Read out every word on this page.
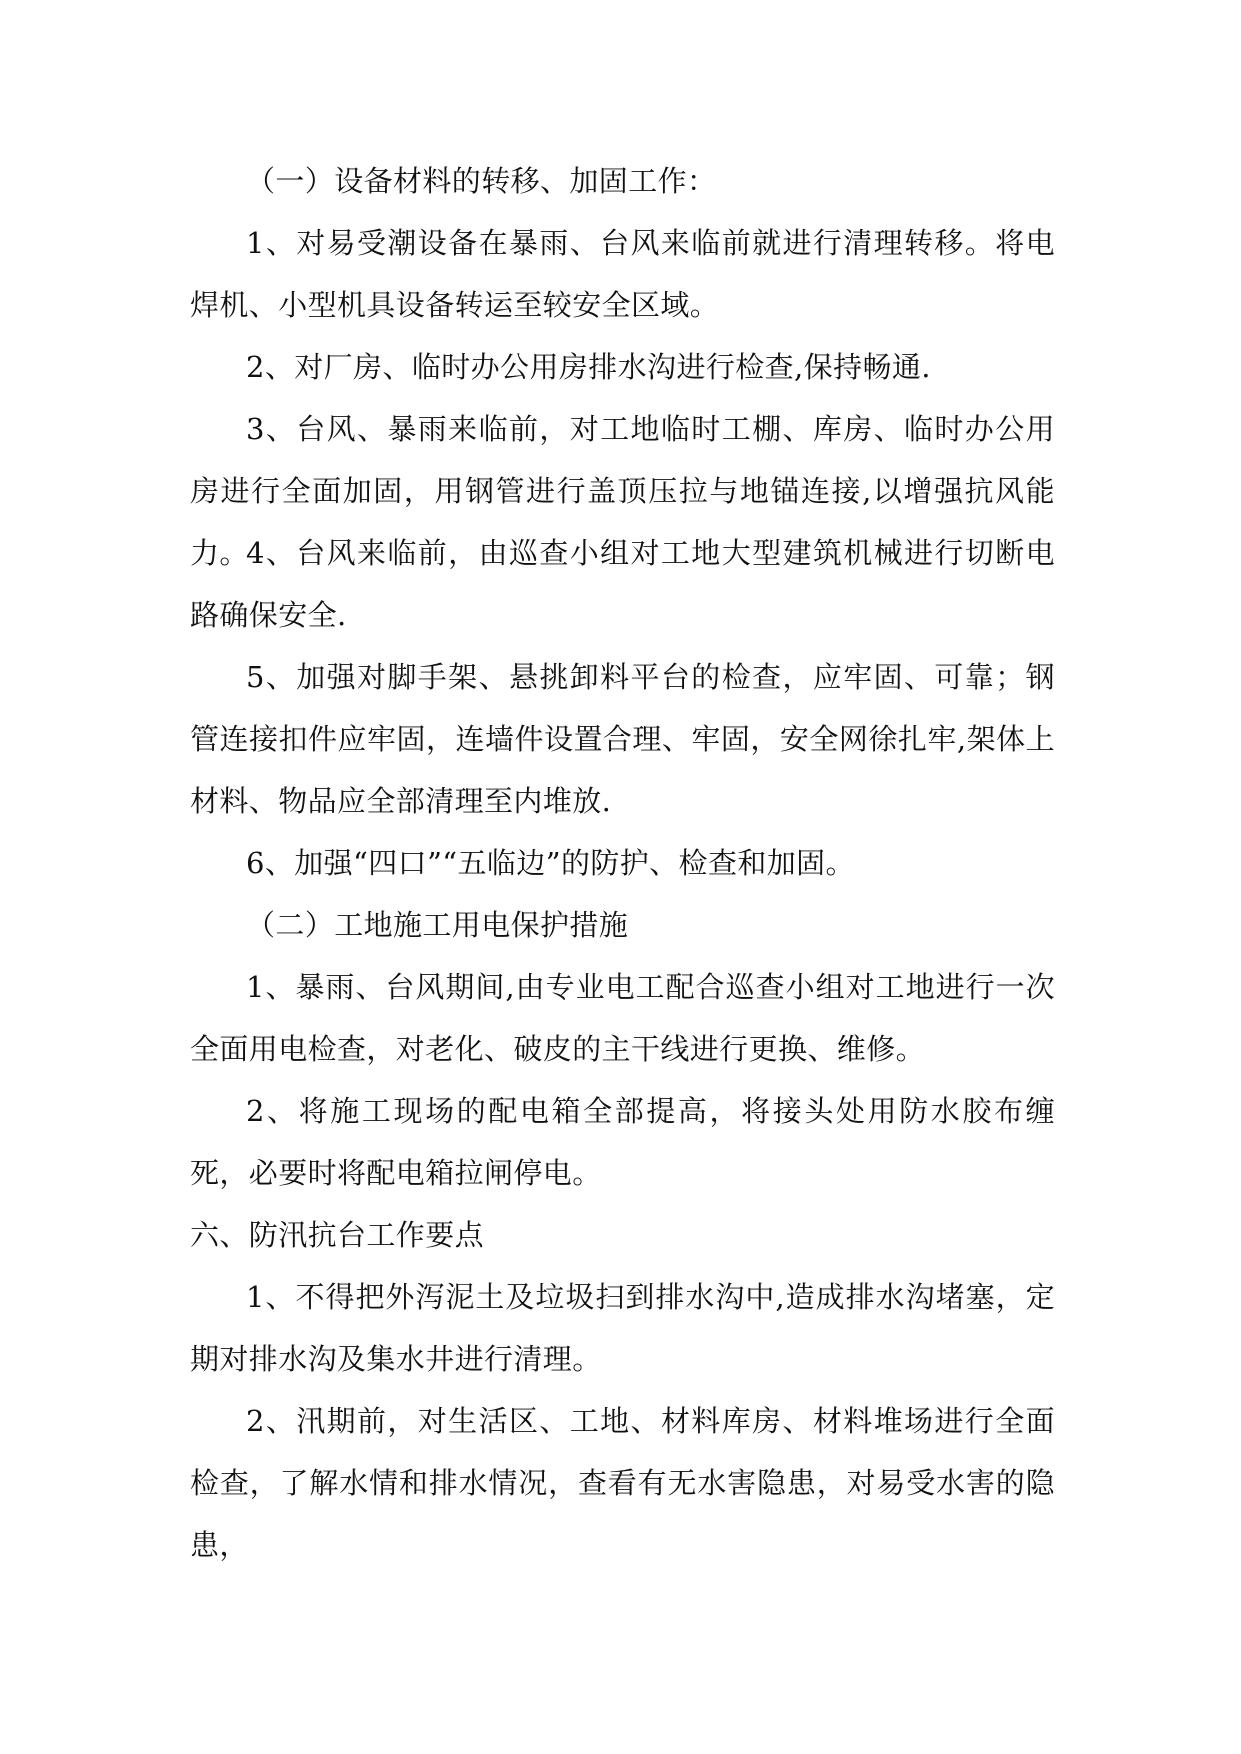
（一）设备材料的转移、加固工作：

1、对易受潮设备在暴雨、台风来临前就进行清理转移。将电焊机、小型机具设备转运至较安全区域。

2、对厂房、临时办公用房排水沟进行检查,保持畅通.

3、台风、暴雨来临前，对工地临时工棚、库房、临时办公用房进行全面加固，用钢管进行盖顶压拉与地锚连接,以增强抗风能力。

4、台风来临前，由巡查小组对工地大型建筑机械进行切断电路确保安全.

5、加强对脚手架、悬挑卸料平台的检查，应牢固、可靠；钢管连接扣件应牢固，连墙件设置合理、牢固，安全网徐扎牢,架体上材料、物品应全部清理至内堆放.

6、加强“四口”“五临边”的防护、检查和加固。

（二）工地施工用电保护措施

1、暴雨、台风期间,由专业电工配合巡查小组对工地进行一次全面用电检查，对老化、破皮的主干线进行更换、维修。

2、将施工现场的配电箱全部提高，将接头处用防水胶布缠死，必要时将配电箱拉闸停电。

六、防汛抗台工作要点

1、不得把外泻泥土及垃圾扫到排水沟中,造成排水沟堵塞，定期对排水沟及集水井进行清理。

2、汛期前，对生活区、工地、材料库房、材料堆场进行全面检查，了解水情和排水情况，查看有无水害隐患，对易受水害的隐患，
